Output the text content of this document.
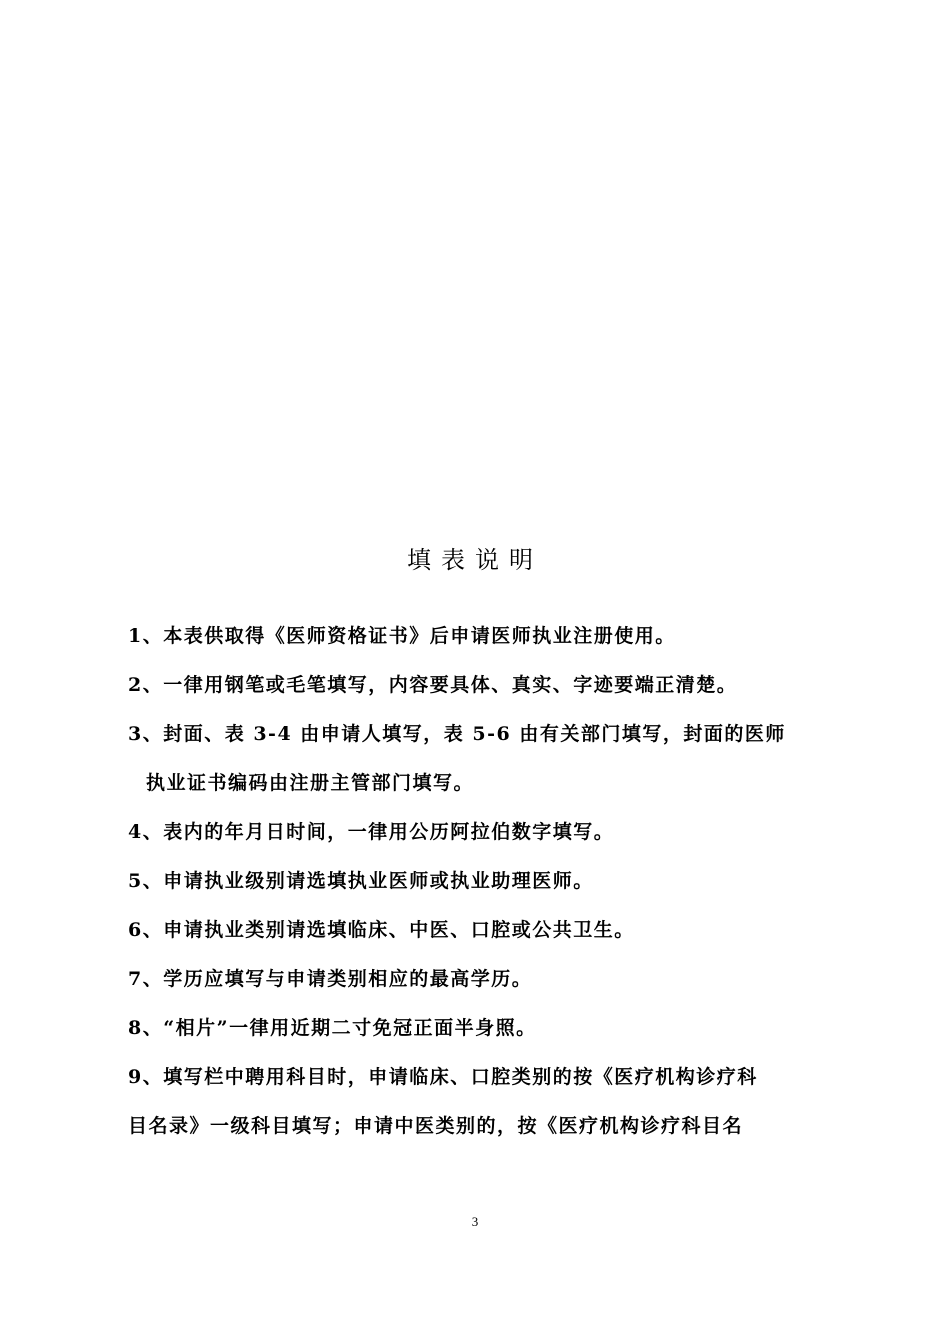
填表说明
1、本表供取得《医师资格证书》后申请医师执业注册使用。
2、一律用钢笔或毛笔填写，内容要具体、真实、字迹要端正清楚。
3、封面、表 3-4 由申请人填写，表 5-6 由有关部门填写，封面的医师
执业证书编码由注册主管部门填写。
4、表内的年月日时间，一律用公历阿拉伯数字填写。
5、申请执业级别请选填执业医师或执业助理医师。
6、申请执业类别请选填临床、中医、口腔或公共卫生。
7、学历应填写与申请类别相应的最高学历。
8、“相片”一律用近期二寸免冠正面半身照。
9、填写栏中聘用科目时，申请临床、口腔类别的按《医疗机构诊疗科
目名录》一级科目填写；申请中医类别的，按《医疗机构诊疗科目名
3
